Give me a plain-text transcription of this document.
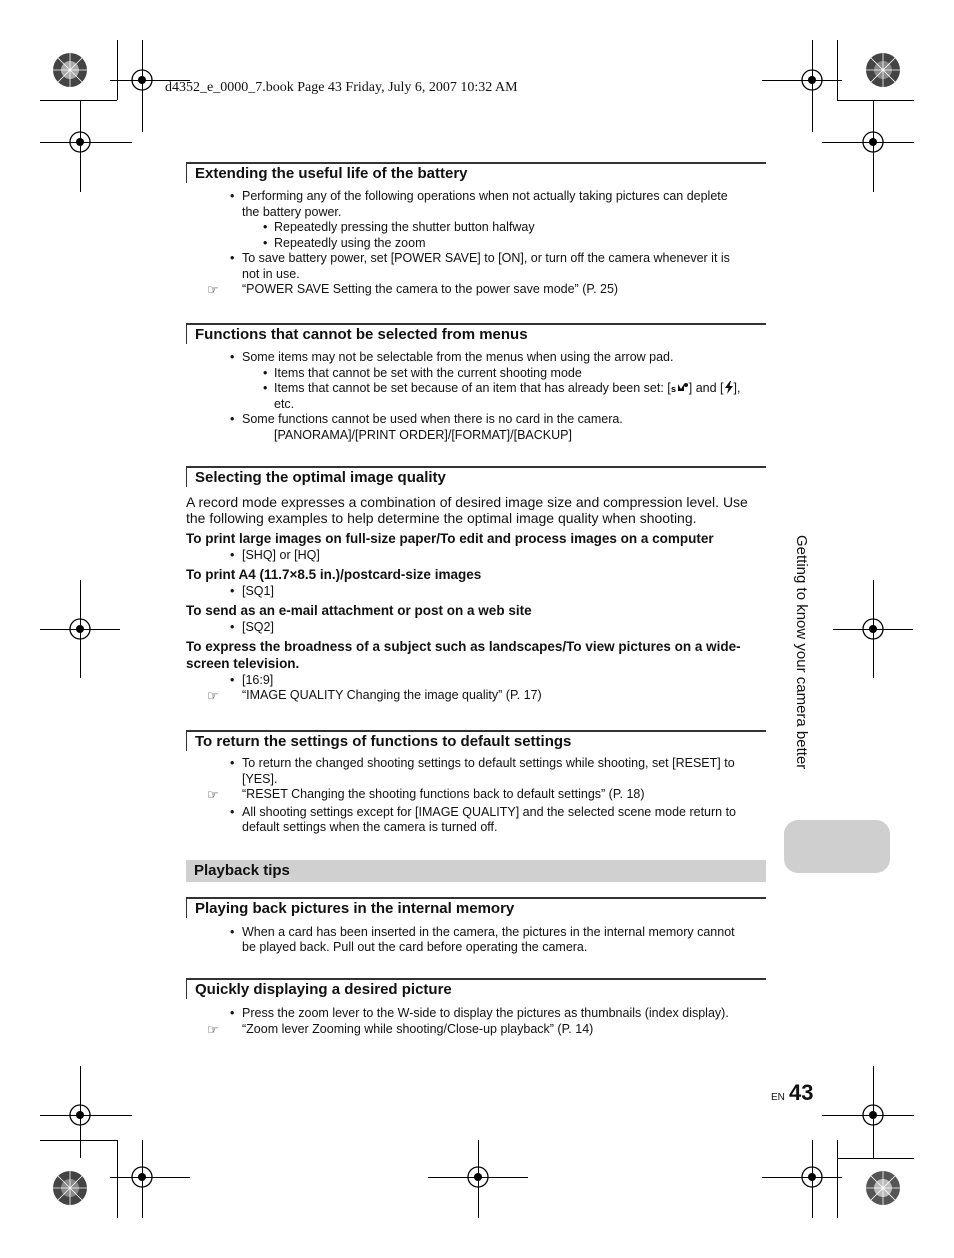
d4352_e_0000_7.book Page 43 Friday, July 6, 2007 10:32 AM
Extending the useful life of the battery
• Performing any of the following operations when not actually taking pictures can deplete
the battery power.
• Repeatedly pressing the shutter button halfway
• Repeatedly using the zoom
• To save battery power, set [POWER SAVE] to [ON], or turn off the camera whenever it is
not in use.
☞	“POWER SAVE Setting the camera to the power save mode” (P. 25)
Functions that cannot be selected from menus
• Some items may not be selectable from the menus when using the arrow pad.
• Items that cannot be set with the current shooting mode
• Items that cannot be set because of an item that has already been set: [ s ] and [ ],
etc.
• Some functions cannot be used when there is no card in the camera.
[PANORAMA]/[PRINT ORDER]/[FORMAT]/[BACKUP]
Selecting the optimal image quality
A record mode expresses a combination of desired image size and compression level. Use the following examples to help determine the optimal image quality when shooting.
To print large images on full-size paper/To edit and process images on a computer
• [SHQ] or [HQ]
To print A4 (11.7×8.5 in.)/postcard-size images
• [SQ1]
To send as an e-mail attachment or post on a web site
• [SQ2]
To express the broadness of a subject such as landscapes/To view pictures on a wide-screen television.
• [16:9]
☞	“IMAGE QUALITY Changing the image quality” (P. 17)
To return the settings of functions to default settings
• To return the changed shooting settings to default settings while shooting, set [RESET] to
[YES].
☞	“RESET Changing the shooting functions back to default settings” (P. 18)
• All shooting settings except for [IMAGE QUALITY] and the selected scene mode return to
default settings when the camera is turned off.
Playback tips
Playing back pictures in the internal memory
• When a card has been inserted in the camera, the pictures in the internal memory cannot
be played back. Pull out the card before operating the camera.
Quickly displaying a desired picture
• Press the zoom lever to the W-side to display the pictures as thumbnails (index display).
☞	“Zoom lever Zooming while shooting/Close-up playback” (P. 14)
Getting to know your camera better
EN 43
